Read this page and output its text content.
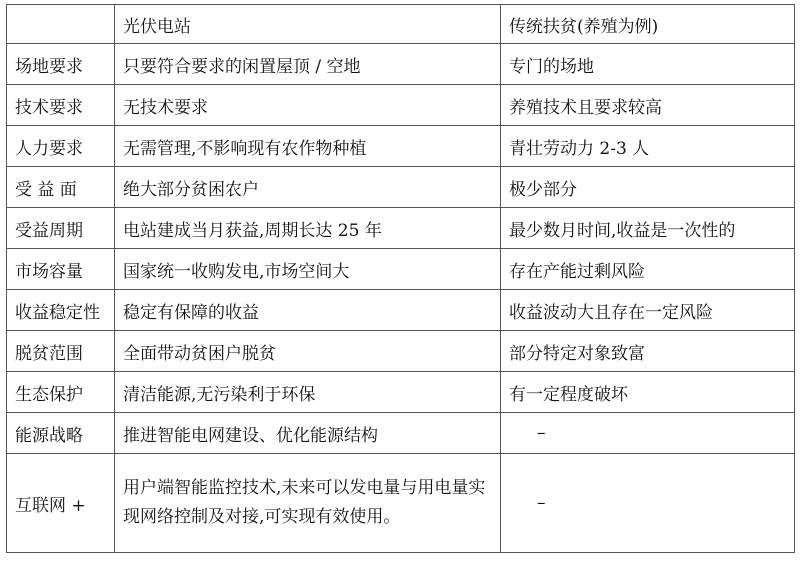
	光伏电站	传统扶贫(养殖为例)
场地要求	只要符合要求的闲置屋顶 / 空地	专门的场地
技术要求	无技术要求	养殖技术且要求较高
人力要求	无需管理,不影响现有农作物种植	青壮劳动力 2-3 人
受 益 面	绝大部分贫困农户	极少部分
受益周期	电站建成当月获益,周期长达 25 年	最少数月时间,收益是一次性的
市场容量	国家统一收购发电,市场空间大	存在产能过剩风险
收益稳定性	稳定有保障的收益	收益波动大且存在一定风险
脱贫范围	全面带动贫困户脱贫	部分特定对象致富
生态保护	清洁能源,无污染利于环保	有一定程度破坏
能源战略	推进智能电网建设、优化能源结构	–
互联网 +	用户端智能监控技术,未来可以发电量与用电量实现网络控制及对接,可实现有效使用。	–
